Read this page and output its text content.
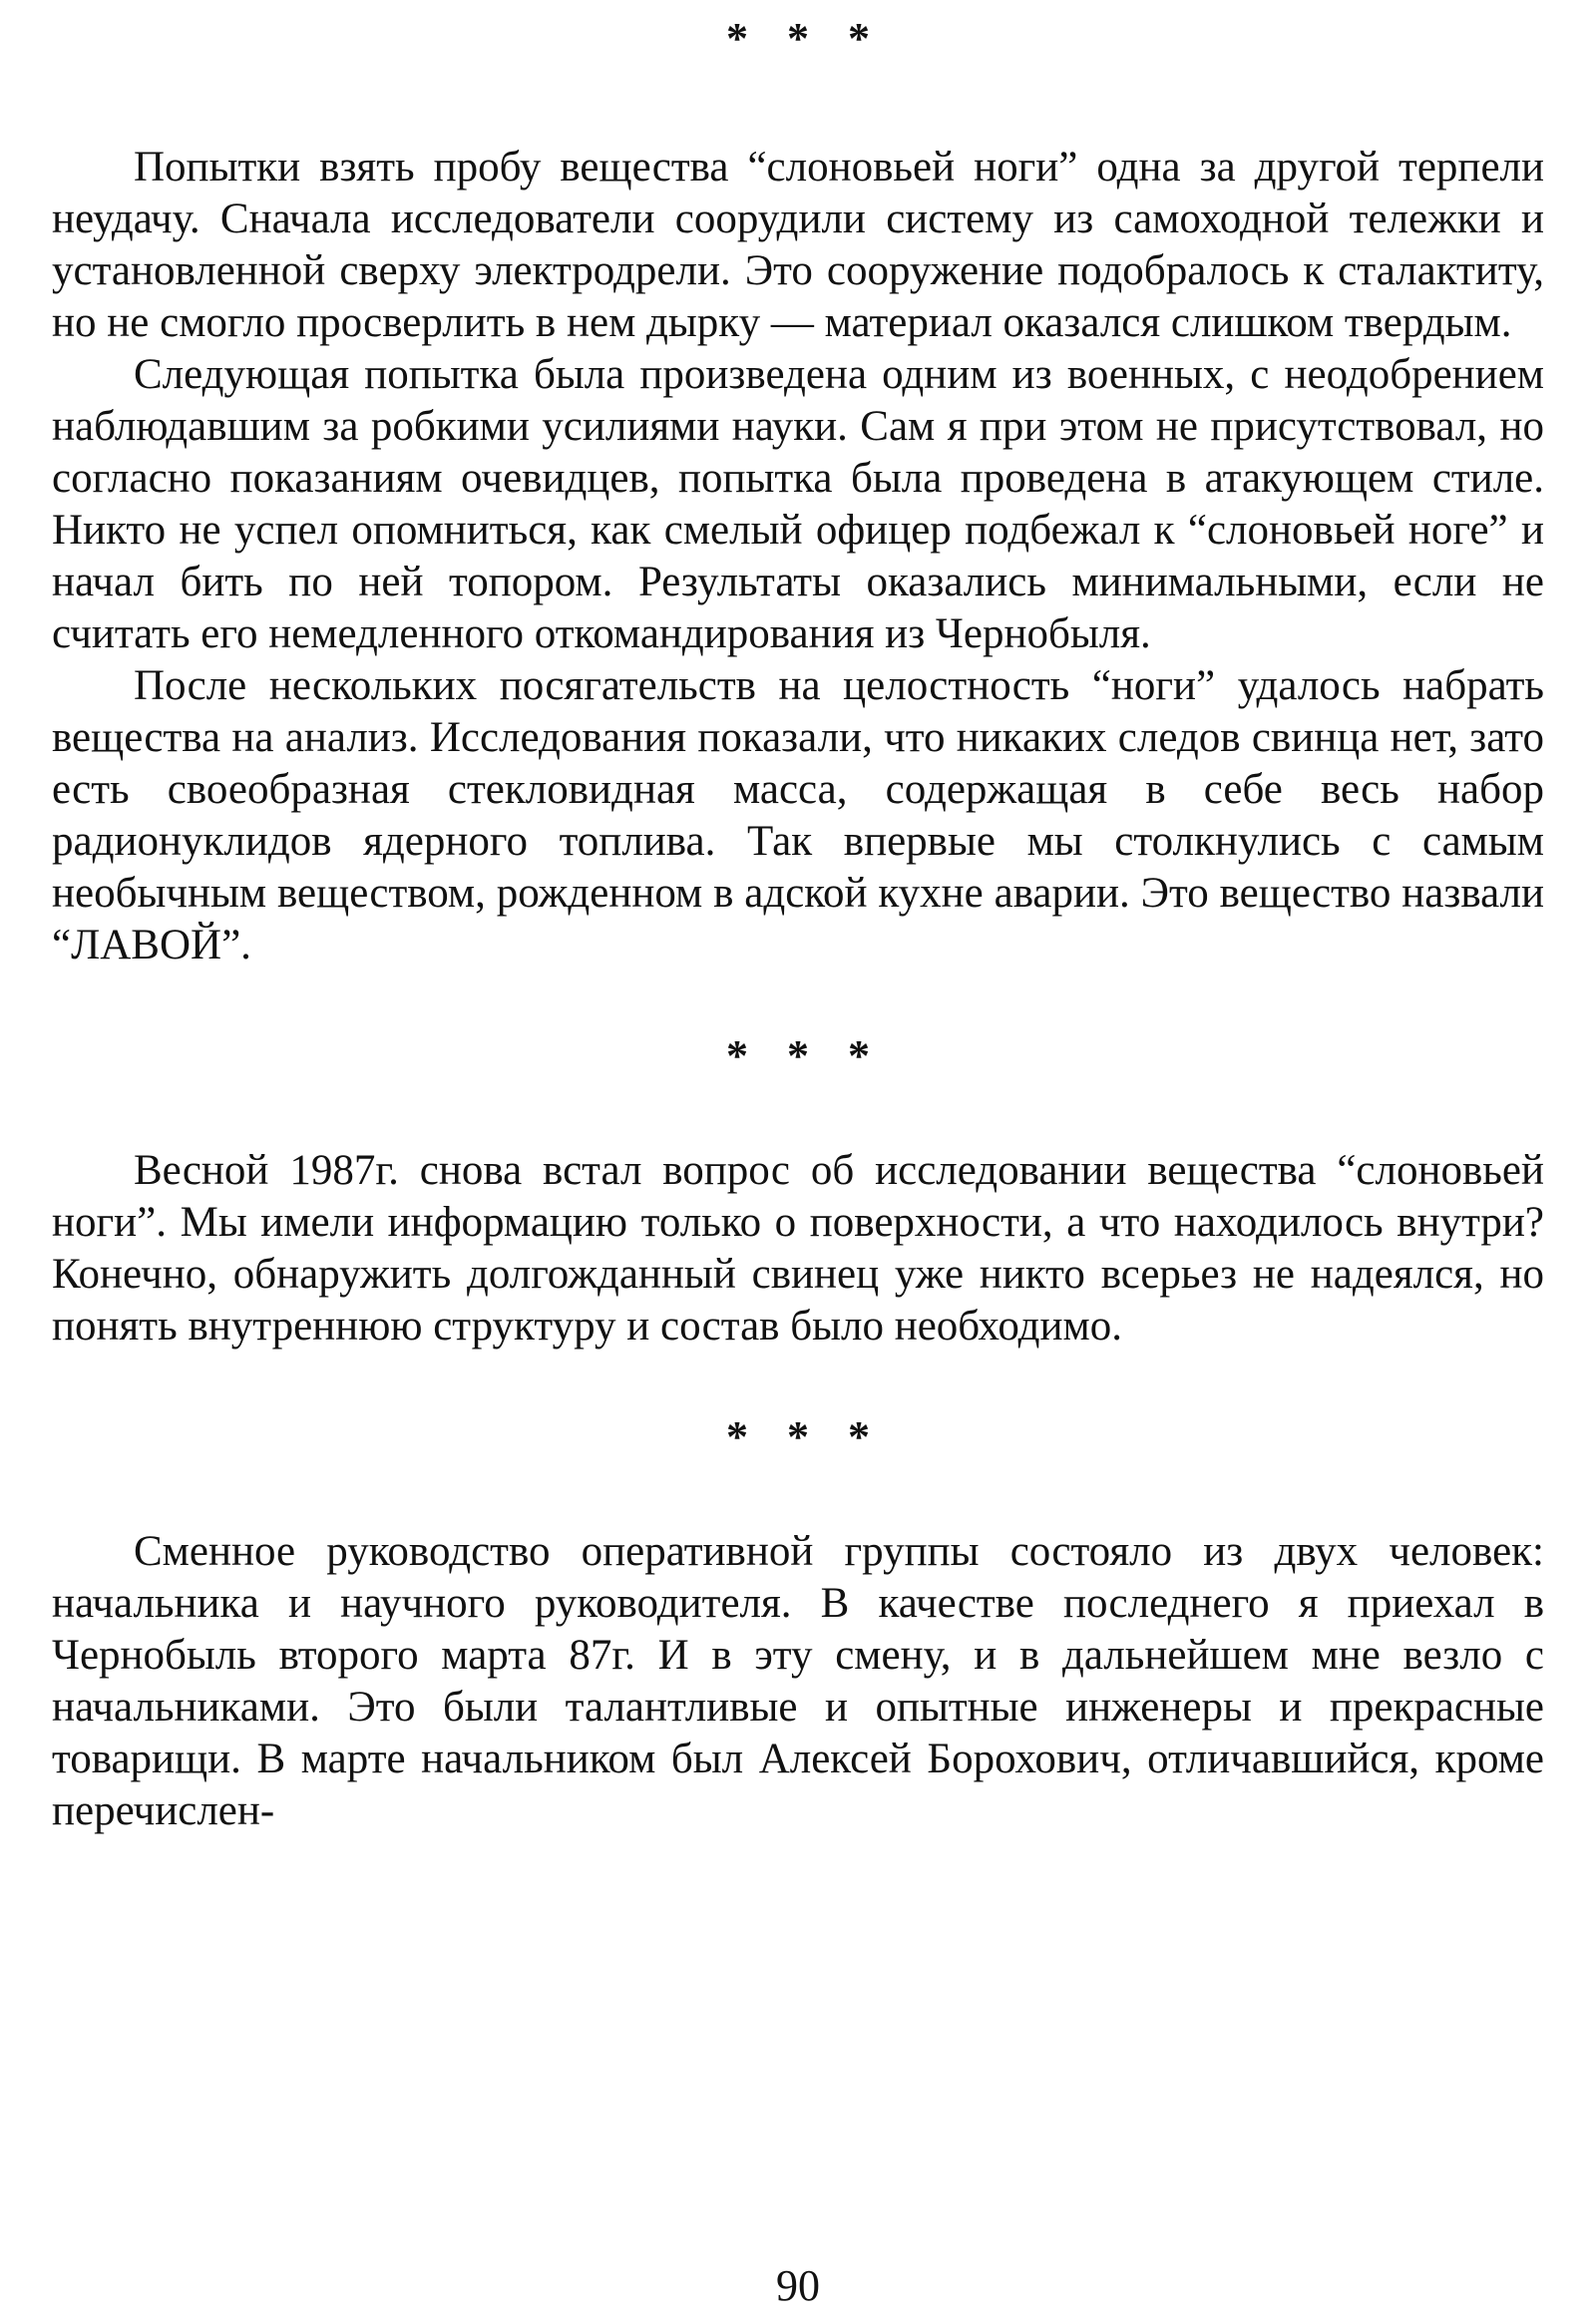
* * *

Попытки взять пробу вещества “слоновьей ноги” одна за другой терпели неудачу. Сначала исследователи соорудили систему из самоходной тележки и установленной сверху электродрели. Это сооружение подобралось к сталактиту, но не смогло просверлить в нем дырку — материал оказался слишком твердым.

Следующая попытка была произведена одним из военных, с неодобрением наблюдавшим за робкими усилиями науки. Сам я при этом не присутствовал, но согласно показаниям очевидцев, попытка была проведена в атакующем стиле. Никто не успел опомниться, как смелый офицер подбежал к “слоновьей ноге” и начал бить по ней топором. Результаты оказались минимальными, если не считать его немедленного откомандирования из Чернобыля.

После нескольких посягательств на целостность “ноги” удалось набрать вещества на анализ. Исследования показали, что никаких следов свинца нет, зато есть своеобразная стекловидная масса, содержащая в себе весь набор радионуклидов ядерного топлива. Так впервые мы столкнулись с самым необычным веществом, рожденном в адской кухне аварии. Это вещество назвали “ЛАВОЙ”.

* * *

Весной 1987г. снова встал вопрос об исследовании вещества “слоновьей ноги”. Мы имели информацию только о поверхности, а что находилось внутри? Конечно, обнаружить долгожданный свинец уже никто всерьез не надеялся, но понять внутреннюю структуру и состав было необходимо.

* * *

Сменное руководство оперативной группы состояло из двух человек: начальника и научного руководителя. В качестве последнего я приехал в Чернобыль второго марта 87г. И в эту смену, и в дальнейшем мне везло с начальниками. Это были талантливые и опытные инженеры и прекрасные товарищи. В марте начальником был Алексей Борохович, отличавшийся, кроме перечислен-

90
